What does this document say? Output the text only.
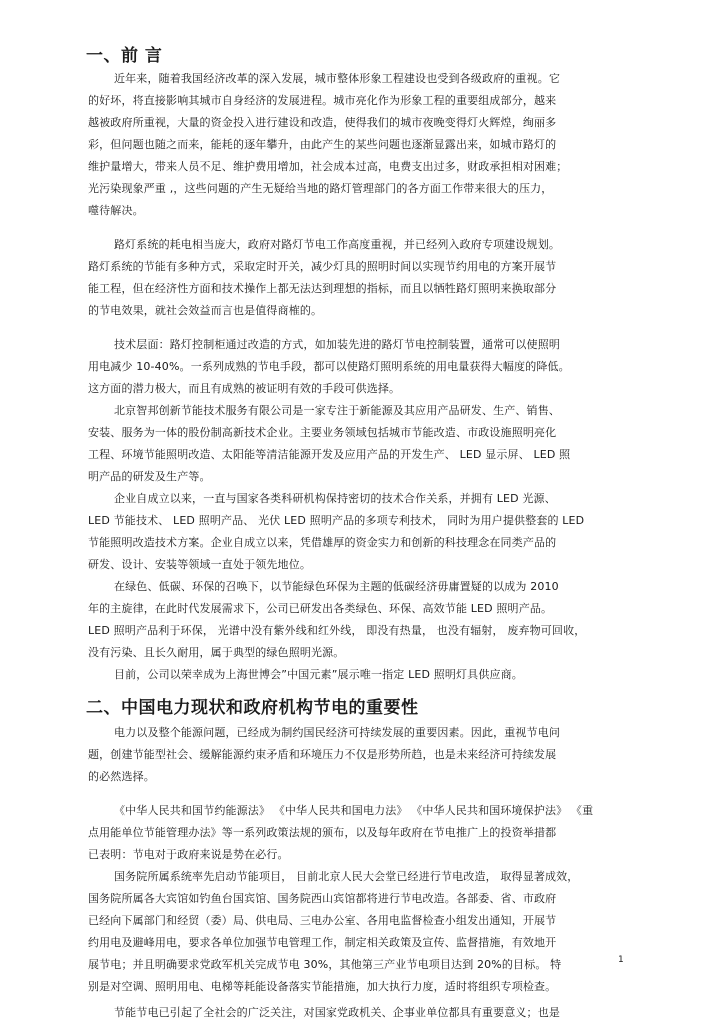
一、前 言
近年来，随着我国经济改革的深入发展，城市整体形象工程建设也受到各级政府的重视。它
的好坏，将直接影响其城市自身经济的发展进程。城市亮化作为形象工程的重要组成部分，越来
越被政府所重视，大量的资金投入进行建设和改造，使得我们的城市夜晚变得灯火辉煌，绚丽多
彩，但问题也随之而来，能耗的逐年攀升，由此产生的某些问题也逐渐显露出来，如城市路灯的
维护量增大，带来人员不足、维护费用增加，社会成本过高，电费支出过多，财政承担相对困难；
光污染现象严重 ,，这些问题的产生无疑给当地的路灯管理部门的各方面工作带来很大的压力，
噬待解决。
路灯系统的耗电相当庞大，政府对路灯节电工作高度重视，并已经列入政府专项建设规划。
路灯系统的节能有多种方式，采取定时开关，减少灯具的照明时间以实现节约用电的方案开展节
能工程，但在经济性方面和技术操作上都无法达到理想的指标，而且以牺牲路灯照明来换取部分
的节电效果，就社会效益而言也是值得商榷的。
技术层面：路灯控制柜通过改造的方式，如加装先进的路灯节电控制装置，通常可以使照明
用电减少 10-40%。一系列成熟的节电手段，都可以使路灯照明系统的用电量获得大幅度的降低。
这方面的潜力极大，而且有成熟的被证明有效的手段可供选择。
北京智邦创新节能技术服务有限公司是一家专注于新能源及其应用产品研发、生产、销售、
安装、服务为一体的股份制高新技术企业。主要业务领域包括城市节能改造、市政设施照明亮化
工程、环境节能照明改造、太阳能等清洁能源开发及应用产品的开发生产、 LED 显示屏、 LED 照
明产品的研发及生产等。
企业自成立以来，一直与国家各类科研机构保持密切的技术合作关系，并拥有 LED 光源、
LED 节能技术、 LED 照明产品、 光伏 LED 照明产品的多项专利技术， 同时为用户提供整套的 LED
节能照明改造技术方案。企业自成立以来，凭借雄厚的资金实力和创新的科技理念在同类产品的
研发、设计、安装等领域一直处于领先地位。
在绿色、低碳、环保的召唤下，以节能绿色环保为主题的低碳经济毋庸置疑的以成为 2010
年的主旋律，在此时代发展需求下，公司已研发出各类绿色、环保、高效节能 LED 照明产品。
LED 照明产品利于环保， 光谱中没有紫外线和红外线， 即没有热量， 也没有辐射， 废弃物可回收，
没有污染、且长久耐用，属于典型的绿色照明光源。
目前，公司以荣幸成为上海世博会”中国元素”展示唯一指定 LED 照明灯具供应商。
二、中国电力现状和政府机构节电的重要性
电力以及整个能源问题，已经成为制约国民经济可持续发展的重要因素。因此，重视节电问
题，创建节能型社会、缓解能源约束矛盾和环境压力不仅是形势所趋，也是未来经济可持续发展
的必然选择。
《中华人民共和国节约能源法》 《中华人民共和国电力法》 《中华人民共和国环境保护法》 《重
点用能单位节能管理办法》等一系列政策法规的颁布，以及每年政府在节电推广上的投资举措都
已表明：节电对于政府来说是势在必行。
国务院所属系统率先启动节能项目， 目前北京人民大会堂已经进行节电改造， 取得显著成效，
国务院所属各大宾馆如钓鱼台国宾馆、国务院西山宾馆都将进行节电改造。各部委、省、市政府
已经向下属部门和经贸（委）局、供电局、三电办公室、各用电监督检查小组发出通知，开展节
约用电及避峰用电，要求各单位加强节电管理工作，制定相关政策及宣传、监督措施，有效地开
展节电；并且明确要求党政军机关完成节电 30%，其他第三产业节电项目达到 20%的目标。 特
别是对空调、照明用电、电梯等耗能设备落实节能措施，加大执行力度，适时将组织专项检查。
节能节电已引起了全社会的广泛关注，对国家党政机关、企事业单位都具有重要意义；也是
1
